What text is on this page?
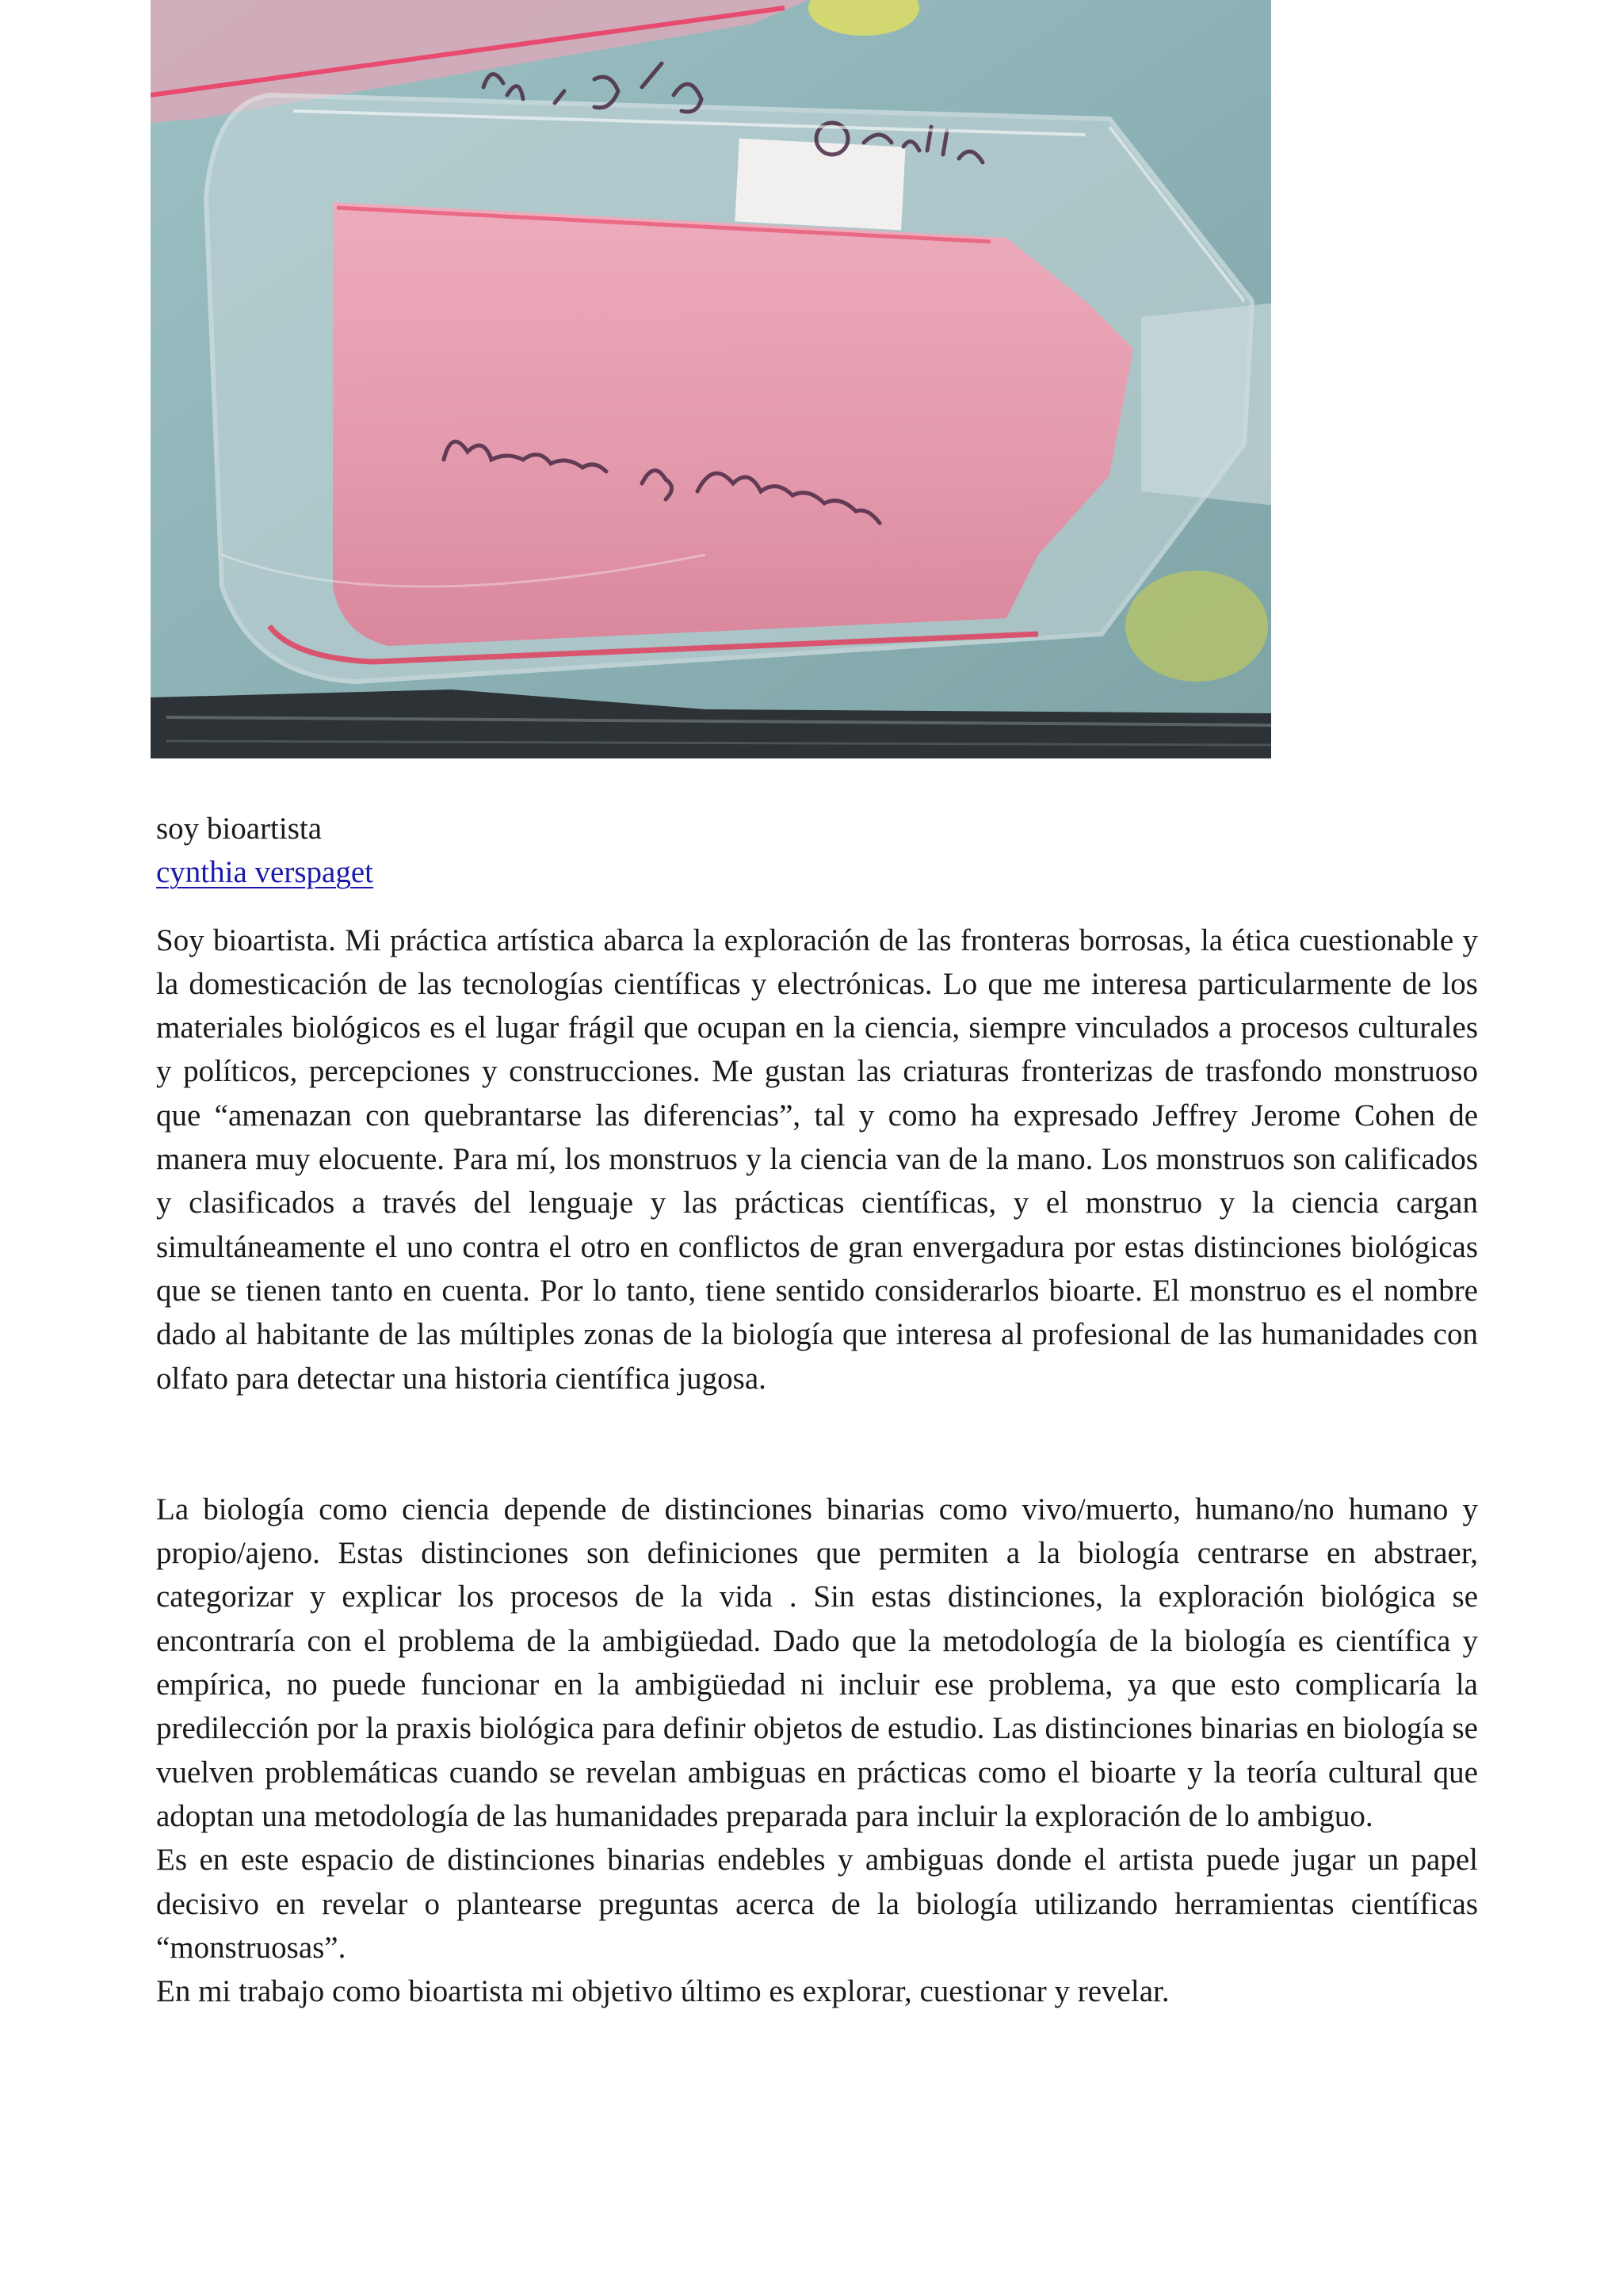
soy bioartista

cynthia verspaget

Soy bioartista. Mi práctica artística abarca la exploración de las fronteras borrosas, la ética cuestionable y la domesticación de las tecnologías científicas y electrónicas. Lo que me interesa particularmente de los materiales biológicos es el lugar frágil que ocupan en la ciencia, siempre vinculados a procesos culturales y políticos, percepciones y construcciones. Me gustan las criaturas fronterizas de trasfondo monstruoso que “amenazan con quebrantarse las diferencias”, tal y como ha expresado Jeffrey Jerome Cohen de manera muy elocuente. Para mí, los monstruos y la ciencia van de la mano. Los monstruos son calificados y clasificados a través del lenguaje y las prácticas científicas, y el monstruo y la ciencia cargan simultáneamente el uno contra el otro en conflictos de gran envergadura por estas distinciones biológicas que se tienen tanto en cuenta. Por lo tanto, tiene sentido considerarlos bioarte. El monstruo es el nombre dado al habitante de las múltiples zonas de la biología que interesa al profesional de las humanidades con olfato para detectar una historia científica jugosa.

La biología como ciencia depende de distinciones binarias como vivo/muerto, humano/no humano y propio/ajeno. Estas distinciones son definiciones que permiten a la biología centrarse en abstraer, categorizar y explicar los procesos de la vida . Sin estas distinciones, la exploración biológica se encontraría con el problema de la ambigüedad. Dado que la metodología de la biología es científica y empírica, no puede funcionar en la ambigüedad ni incluir ese problema, ya que esto complicaría la predilección por la praxis biológica para definir objetos de estudio. Las distinciones binarias en biología se vuelven problemáticas cuando se revelan ambiguas en prácticas como el bioarte y la teoría cultural que adoptan una metodología de las humanidades preparada para incluir la exploración de lo ambiguo.

Es en este espacio de distinciones binarias endebles y ambiguas donde el artista puede jugar un papel decisivo en revelar o plantearse preguntas acerca de la biología utilizando herramientas científicas “monstruosas”.

En mi trabajo como bioartista mi objetivo último es explorar, cuestionar y revelar.
